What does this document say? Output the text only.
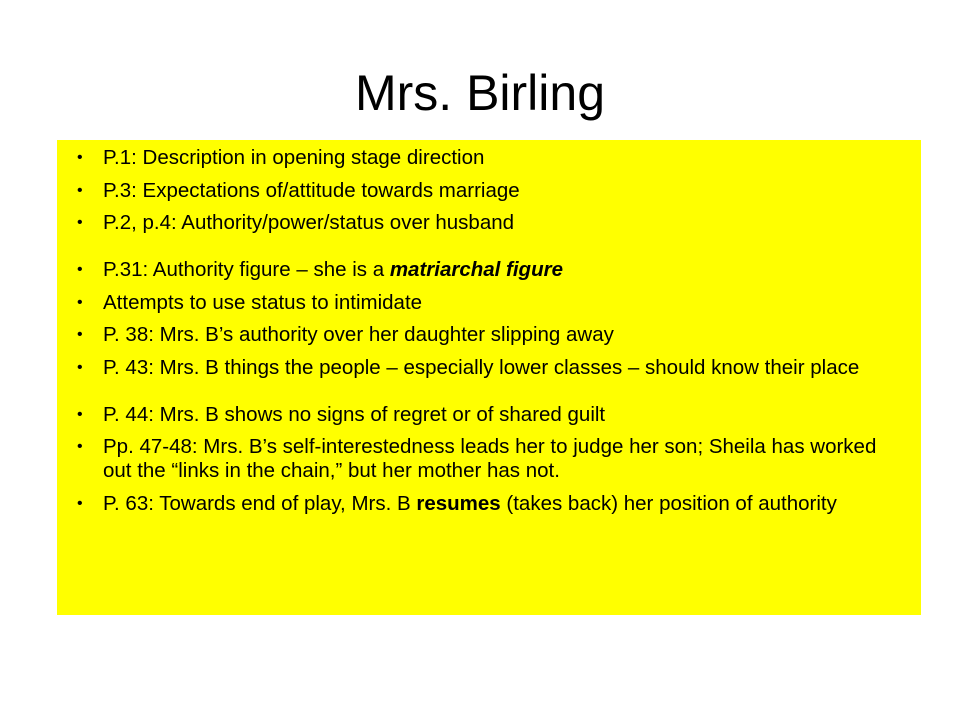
Mrs. Birling
• P.1: Description in opening stage direction
• P.3: Expectations of/attitude towards marriage
• P.2, p.4: Authority/power/status over husband
• P.31: Authority figure – she is a matriarchal figure
• Attempts to use status to intimidate
• P. 38: Mrs. B’s authority over her daughter slipping away
• P. 43: Mrs. B things the people – especially lower classes – should know their place
• P. 44: Mrs. B shows no signs of regret or of shared guilt
• Pp. 47-48: Mrs. B’s self-interestedness leads her to judge her son; Sheila has worked out the “links in the chain,” but her mother has not.
• P. 63: Towards end of play, Mrs. B resumes (takes back) her position of authority
